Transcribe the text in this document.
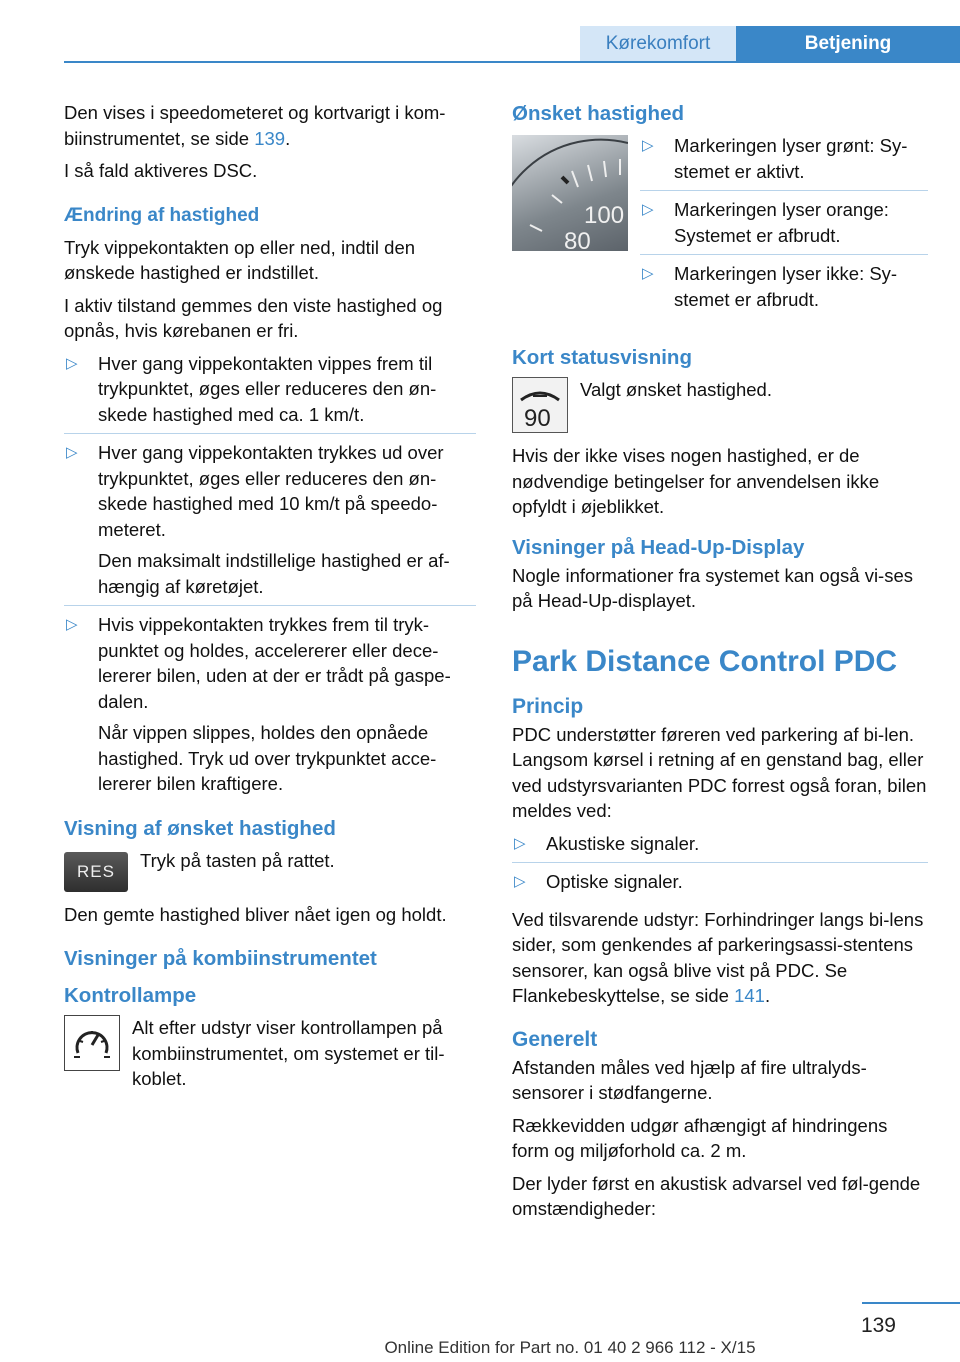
Kørekomfort	Betjening

Den vises i speedometeret og kortvarigt i kom-biinstrumentet, se side 139.

I så fald aktiveres DSC.

Ændring af hastighed

Tryk vippekontakten op eller ned, indtil den ønskede hastighed er indstillet.

I aktiv tilstand gemmes den viste hastighed og opnås, hvis kørebanen er fri.

▷ Hver gang vippekontakten vippes frem til trykpunktet, øges eller reduceres den øn-skede hastighed med ca. 1 km/t.
▷ Hver gang vippekontakten trykkes ud over trykpunktet, øges eller reduceres den øn-skede hastighed med 10 km/t på speedo-meteret.
Den maksimalt indstillelige hastighed er af-hængig af køretøjet.
▷ Hvis vippekontakten trykkes frem til tryk-punktet og holdes, accelererer eller dece-lererer bilen, uden at der er trådt på gaspe-dalen.
Når vippen slippes, holdes den opnåede hastighed. Tryk ud over trykpunktet acce-lererer bilen kraftigere.
Visning af ønsket hastighed
RES
Tryk på tasten på rattet.

Den gemte hastighed bliver nået igen og holdt.

Visninger på kombiinstrumentet
Kontrollampe
Alt efter udstyr viser kontrollampen på kombiinstrumentet, om systemet er til-koblet.
Ønsket hastighed
100
80
▷ Markeringen lyser grønt: Sy-stemet er aktivt.
▷ Markeringen lyser orange: Systemet er afbrudt.
▷ Markeringen lyser ikke: Sy-stemet er afbrudt.
Kort statusvisning
90
Valgt ønsket hastighed.

Hvis der ikke vises nogen hastighed, er de nødvendige betingelser for anvendelsen ikke opfyldt i øjeblikket.

Visninger på Head-Up-Display

Nogle informationer fra systemet kan også vi-ses på Head-Up-displayet.

Park Distance Control PDC
Princip

PDC understøtter føreren ved parkering af bi-len. Langsom kørsel i retning af en genstand bag, eller ved udstyrsvarianten PDC forrest også foran, bilen meldes ved:

▷ Akustiske signaler.
▷ Optiske signaler.

Ved tilsvarende udstyr: Forhindringer langs bi-lens sider, som genkendes af parkeringsassi-stentens sensorer, kan også blive vist på PDC. Se Flankebeskyttelse, se side 141.

Generelt

Afstanden måles ved hjælp af fire ultralyds-sensorer i stødfangerne.

Rækkevidden udgør afhængigt af hindringens form og miljøforhold ca. 2 m.

Der lyder først en akustisk advarsel ved føl-gende omstændigheder:

139
Online Edition for Part no. 01 40 2 966 112 - X/15
